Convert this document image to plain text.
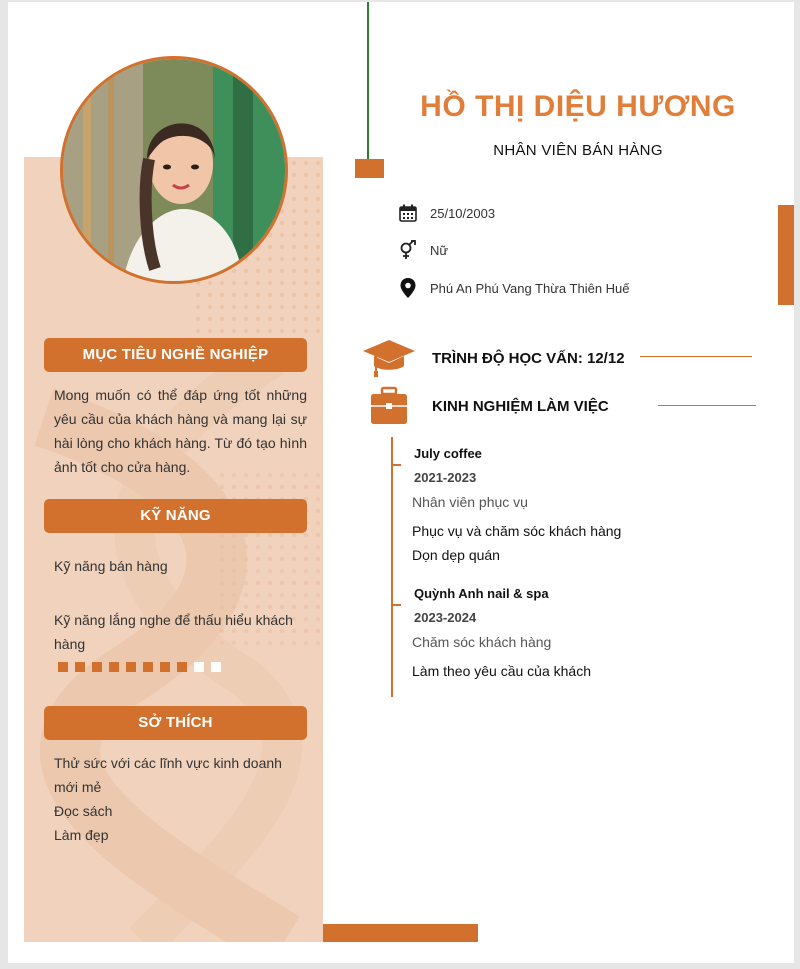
MỤC TIÊU NGHỀ NGHIỆP
Mong muốn có thể đáp ứng tốt những yêu cầu của khách hàng và mang lại sự hài lòng cho khách hàng. Từ đó tạo hình ảnh tốt cho cửa hàng.
KỸ NĂNG
Kỹ năng bán hàng
Kỹ năng lắng nghe để thấu hiểu khách hàng
SỞ THÍCH
Thử sức với các lĩnh vực kinh doanh mới mẻ
Đọc sách
Làm đẹp
HỒ THỊ DIỆU HƯƠNG
NHÂN VIÊN BÁN HÀNG
25/10/2003
Nữ
Phú An Phú Vang Thừa Thiên Huế
TRÌNH ĐỘ HỌC VẤN: 12/12
KINH NGHIỆM LÀM VIỆC
July coffee
2021-2023
Nhân viên phục vụ
Phục vụ và chăm sóc khách hàng
Dọn dẹp quán
Quỳnh Anh nail & spa
2023-2024
Chăm sóc khách hàng
Làm theo yêu cầu của khách
